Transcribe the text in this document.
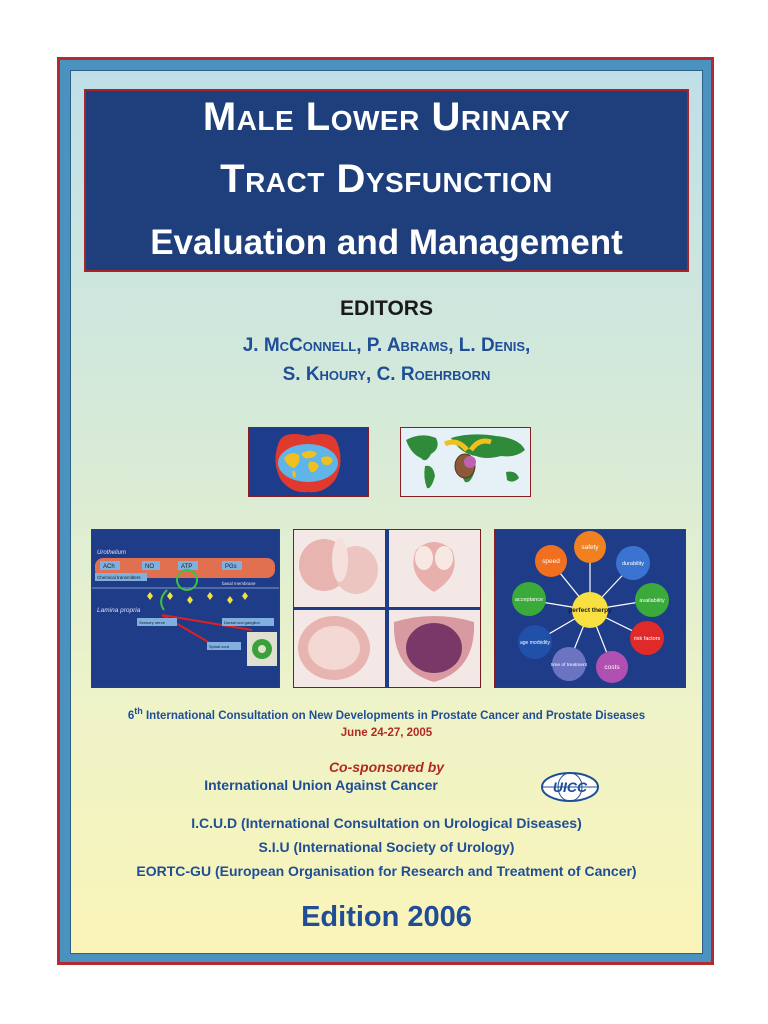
Male Lower Urinary
Tract Dysfunction
Evaluation and Management
EDITORS
J. McConnell, P. Abrams, L. Denis,
S. Khoury, C. Roehrborn
Urothelium
ACh	NO	ATP	PGs
Chemical transmitters
basal membrane
Lamina propria
Sensory nerve	Dorsal root ganglion
Spinal cord
safety
speed	durability
acceptance	availability
age morbidity
risk factors
time of treatment	costs
perfect therpy
6th International Consultation on New Developments in Prostate Cancer and Prostate Diseases
June 24-27, 2005
Co-sponsored by
International Union Against Cancer	UICC
I.C.U.D (International Consultation on Urological Diseases)
S.I.U (International Society of Urology)
EORTC-GU (European Organisation for Research and Treatment of Cancer)
Edition 2006
